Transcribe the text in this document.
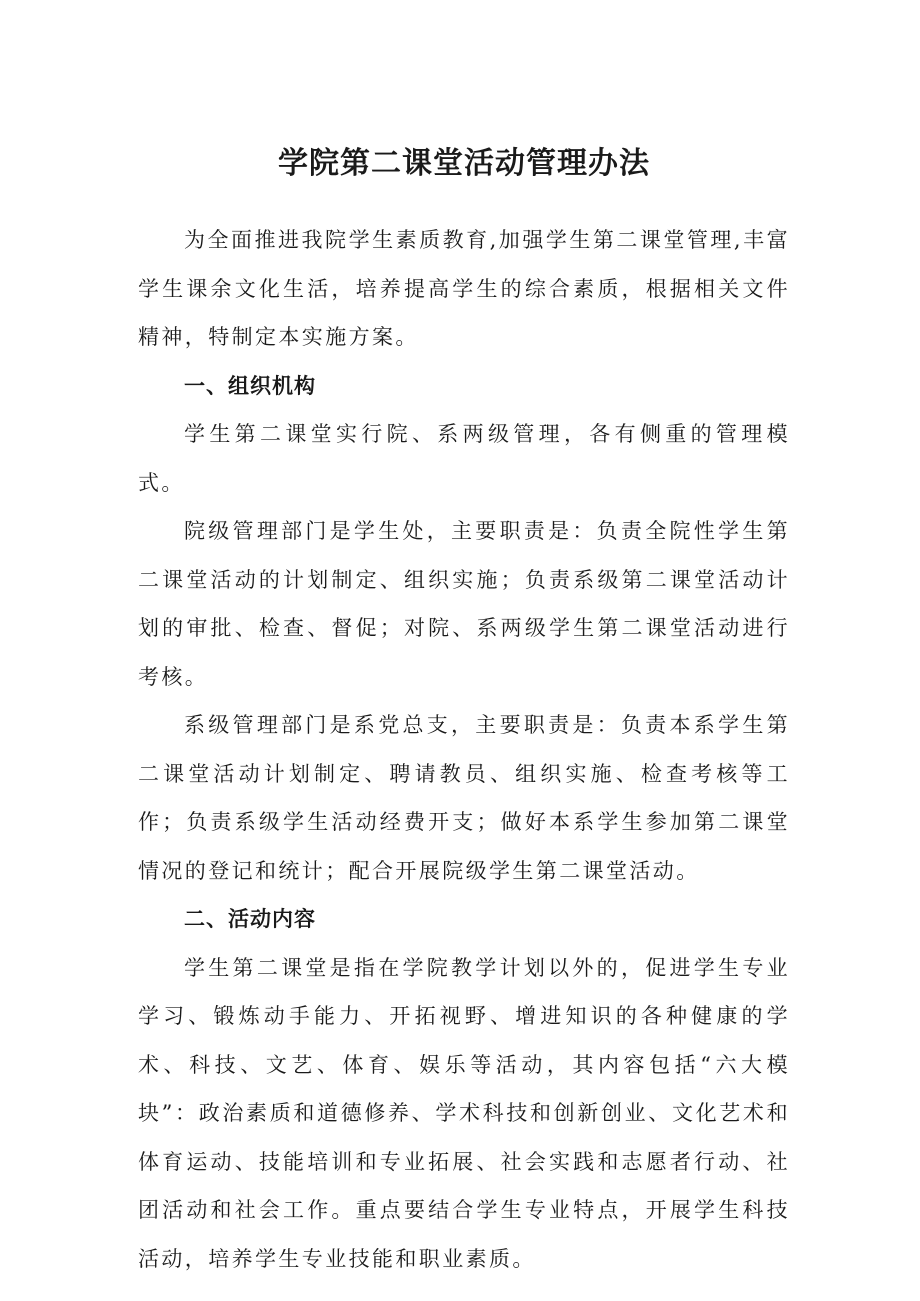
学院第二课堂活动管理办法

为全面推进我院学生素质教育,加强学生第二课堂管理,丰富学生课余文化生活，培养提高学生的综合素质，根据相关文件精神，特制定本实施方案。

一、组织机构

学生第二课堂实行院、系两级管理，各有侧重的管理模式。

院级管理部门是学生处，主要职责是：负责全院性学生第二课堂活动的计划制定、组织实施；负责系级第二课堂活动计划的审批、检查、督促；对院、系两级学生第二课堂活动进行考核。

系级管理部门是系党总支，主要职责是：负责本系学生第二课堂活动计划制定、聘请教员、组织实施、检查考核等工作；负责系级学生活动经费开支；做好本系学生参加第二课堂情况的登记和统计；配合开展院级学生第二课堂活动。

二、活动内容

学生第二课堂是指在学院教学计划以外的，促进学生专业学习、锻炼动手能力、开拓视野、增进知识的各种健康的学术、科技、文艺、体育、娱乐等活动，其内容包括“六大模块”：政治素质和道德修养、学术科技和创新创业、文化艺术和体育运动、技能培训和专业拓展、社会实践和志愿者行动、社团活动和社会工作。重点要结合学生专业特点，开展学生科技活动，培养学生专业技能和职业素质。
